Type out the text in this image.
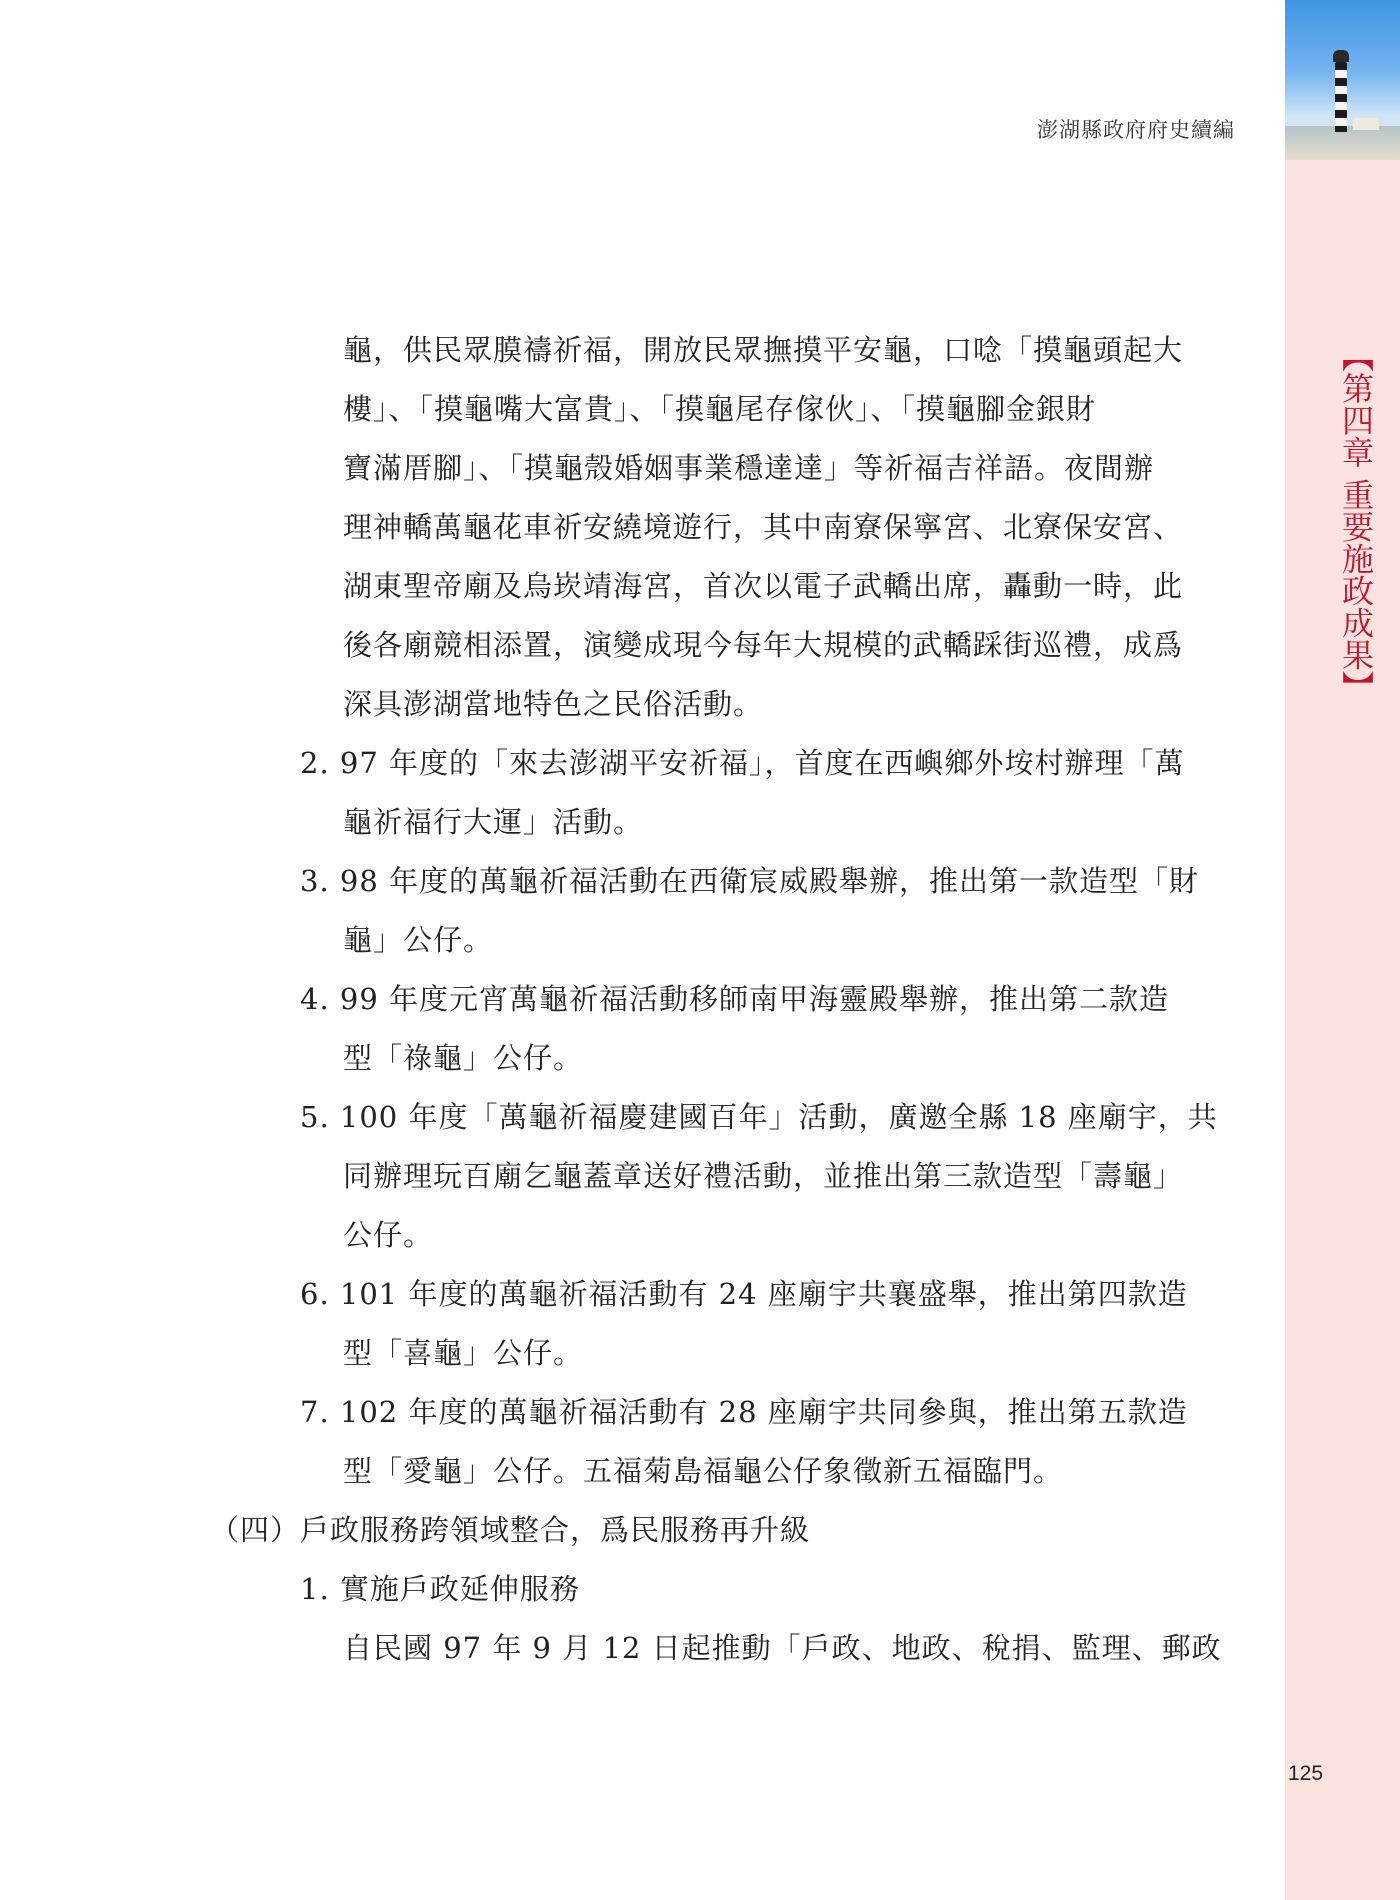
澎湖縣政府府史續編
【第四章 重要施政成果】
龜，供民眾膜禱祈福，開放民眾撫摸平安龜，口唸「摸龜頭起大
樓」、「摸龜嘴大富貴」、「摸龜尾存傢伙」、「摸龜腳金銀財
寶滿厝腳」、「摸龜殼婚姻事業穩達達」等祈福吉祥語。夜間辦
理神轎萬龜花車祈安繞境遊行，其中南寮保寧宮、北寮保安宮、
湖東聖帝廟及烏崁靖海宮，首次以電子武轎出席，轟動一時，此
後各廟競相添置，演變成現今每年大規模的武轎踩街巡禮，成爲
深具澎湖當地特色之民俗活動。
2. 97 年度的「來去澎湖平安祈福」，首度在西嶼鄉外垵村辦理「萬
龜祈福行大運」活動。
3. 98 年度的萬龜祈福活動在西衛宸威殿舉辦，推出第一款造型「財
龜」公仔。
4. 99 年度元宵萬龜祈福活動移師南甲海靈殿舉辦，推出第二款造
型「祿龜」公仔。
5. 100 年度「萬龜祈福慶建國百年」活動，廣邀全縣 18 座廟宇，共
同辦理玩百廟乞龜蓋章送好禮活動，並推出第三款造型「壽龜」
公仔。
6. 101 年度的萬龜祈福活動有 24 座廟宇共襄盛舉，推出第四款造
型「喜龜」公仔。
7. 102 年度的萬龜祈福活動有 28 座廟宇共同參與，推出第五款造
型「愛龜」公仔。五福菊島福龜公仔象徵新五福臨門。
（四）戶政服務跨領域整合，爲民服務再升級
1. 實施戶政延伸服務
自民國 97 年 9 月 12 日起推動「戶政、地政、稅捐、監理、郵政
125
